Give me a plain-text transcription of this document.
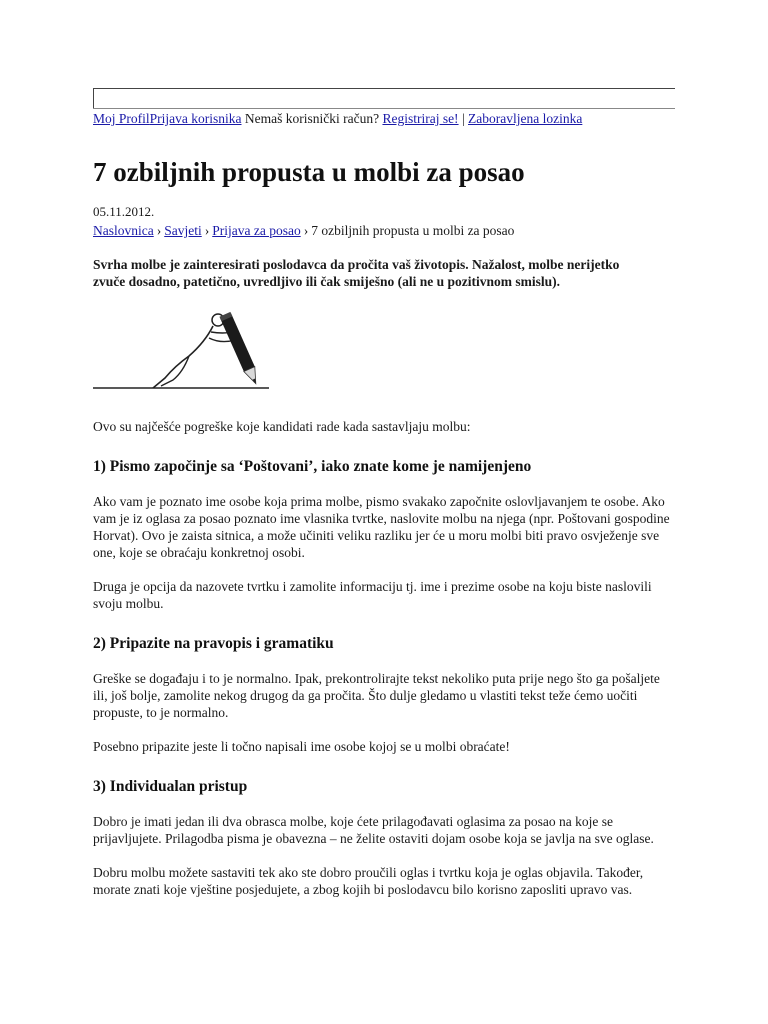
Moj ProfilPrijava korisnika Nemaš korisnički račun? Registriraj se! | Zaboravljena lozinka
7 ozbiljnih propusta u molbi za posao
05.11.2012.
Naslovnica › Savjeti › Prijava za posao › 7 ozbiljnih propusta u molbi za posao
Svrha molbe je zainteresirati poslodavca da pročita vaš životopis. Nažalost, molbe nerijetko zvuče dosadno, patetično, uvredljivo ili čak smiješno (ali ne u pozitivnom smislu).

Ovo su najčešće pogreške koje kandidati rade kada sastavljaju molbu:

1) Pismo započinje sa ‘Poštovani’, iako znate kome je namijenjeno

Ako vam je poznato ime osobe koja prima molbe, pismo svakako započnite oslovljavanjem te osobe. Ako vam je iz oglasa za posao poznato ime vlasnika tvrtke, naslovite molbu na njega (npr. Poštovani gospodine Horvat). Ovo je zaista sitnica, a može učiniti veliku razliku jer će u moru molbi biti pravo osvježenje sve one, koje se obraćaju konkretnoj osobi.

Druga je opcija da nazovete tvrtku i zamolite informaciju tj. ime i prezime osobe na koju biste naslovili svoju molbu.

2) Pripazite na pravopis i gramatiku

Greške se događaju i to je normalno. Ipak, prekontrolirajte tekst nekoliko puta prije nego što ga pošaljete ili, još bolje, zamolite nekog drugog da ga pročita. Što dulje gledamo u vlastiti tekst teže ćemo uočiti propuste, to je normalno.

Posebno pripazite jeste li točno napisali ime osobe kojoj se u molbi obraćate!

3) Individualan pristup

Dobro je imati jedan ili dva obrasca molbe, koje ćete prilagođavati oglasima za posao na koje se prijavljujete. Prilagodba pisma je obavezna – ne želite ostaviti dojam osobe koja se javlja na sve oglase.

Dobru molbu možete sastaviti tek ako ste dobro proučili oglas i tvrtku koja je oglas objavila. Također, morate znati koje vještine posjedujete, a zbog kojih bi poslodavcu bilo korisno zaposliti upravo vas.
